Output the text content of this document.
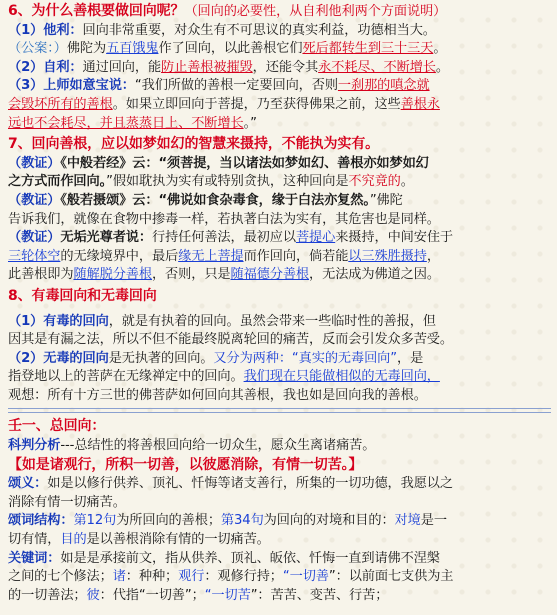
6、为什么善根要做回向呢？（回向的必要性，从自利他利两个方面说明）
（1）他利：回向非常重要，对众生有不可思议的真实利益，功德相当大。
（公案：）佛陀为五百饿鬼作了回向，以此善根它们死后都转生到三十三天。
（2）自利：通过回向，能防止善根被摧毁，还能令其永不耗尽、不断增长。
（3）上师如意宝说：“我们所做的善根一定要回向，否则一刹那的嗔念就
会毁坏所有的善根。如果立即回向于菩提，乃至获得佛果之前，这些善根永
远也不会耗尽，并且蒸蒸日上、不断增长。”
7、回向善根，应以如梦如幻的智慧来摄持，不能执为实有。
（教证）《中般若经》云：“须菩提，当以诸法如梦如幻、善根亦如梦如幻
之方式而作回向。”假如耽执为实有或特别贪执，这种回向是不究竟的。
（教证）《般若摄颂》云：“佛说如食杂毒食，缘于白法亦复然。”佛陀
告诉我们，就像在食物中掺毒一样，若执著白法为实有，其危害也是同样。
（教证）无垢光尊者说：行持任何善法，最初应以菩提心来摄持，中间安住于
三轮体空的无缘境界中，最后缘无上菩提而作回向，倘若能以三殊胜摄持，
此善根即为随解脱分善根，否则，只是随福德分善根，无法成为佛道之因。
8、有毒回向和无毒回向
（1）有毒的回向，就是有执着的回向。虽然会带来一些临时性的善报，但
因其是有漏之法，所以不但不能最终脱离轮回的痛苦，反而会引发众多苦受。
（2）无毒的回向是无执著的回向。又分为两种：“真实的无毒回向”，是
指登地以上的菩萨在无缘禅定中的回向。我们现在只能做相似的无毒回向，
观想：所有十方三世的佛菩萨如何回向其善根，我也如是回向我的善根。
壬一、总回向：
科判分析---总结性的将善根回向给一切众生，愿众生离诸痛苦。
【如是诸观行，所积一切善，以彼愿消除，有情一切苦。】
颂义：如是以修行供养、顶礼、忏悔等诸支善行，所集的一切功德，我愿以之
消除有情一切痛苦。
颂词结构：第12句为所回向的善根；第34句为回向的对境和目的：对境是一
切有情，目的是以善根消除有情的一切痛苦。
关键词：如是是承接前文，指从供养、顶礼、皈依、忏悔一直到请佛不涅槃
之间的七个修法；诸：种种；观行：观修行持；“一切善”：以前面七支供为主
的一切善法；彼：代指“一切善”；“一切苦”：苦苦、变苦、行苦；
